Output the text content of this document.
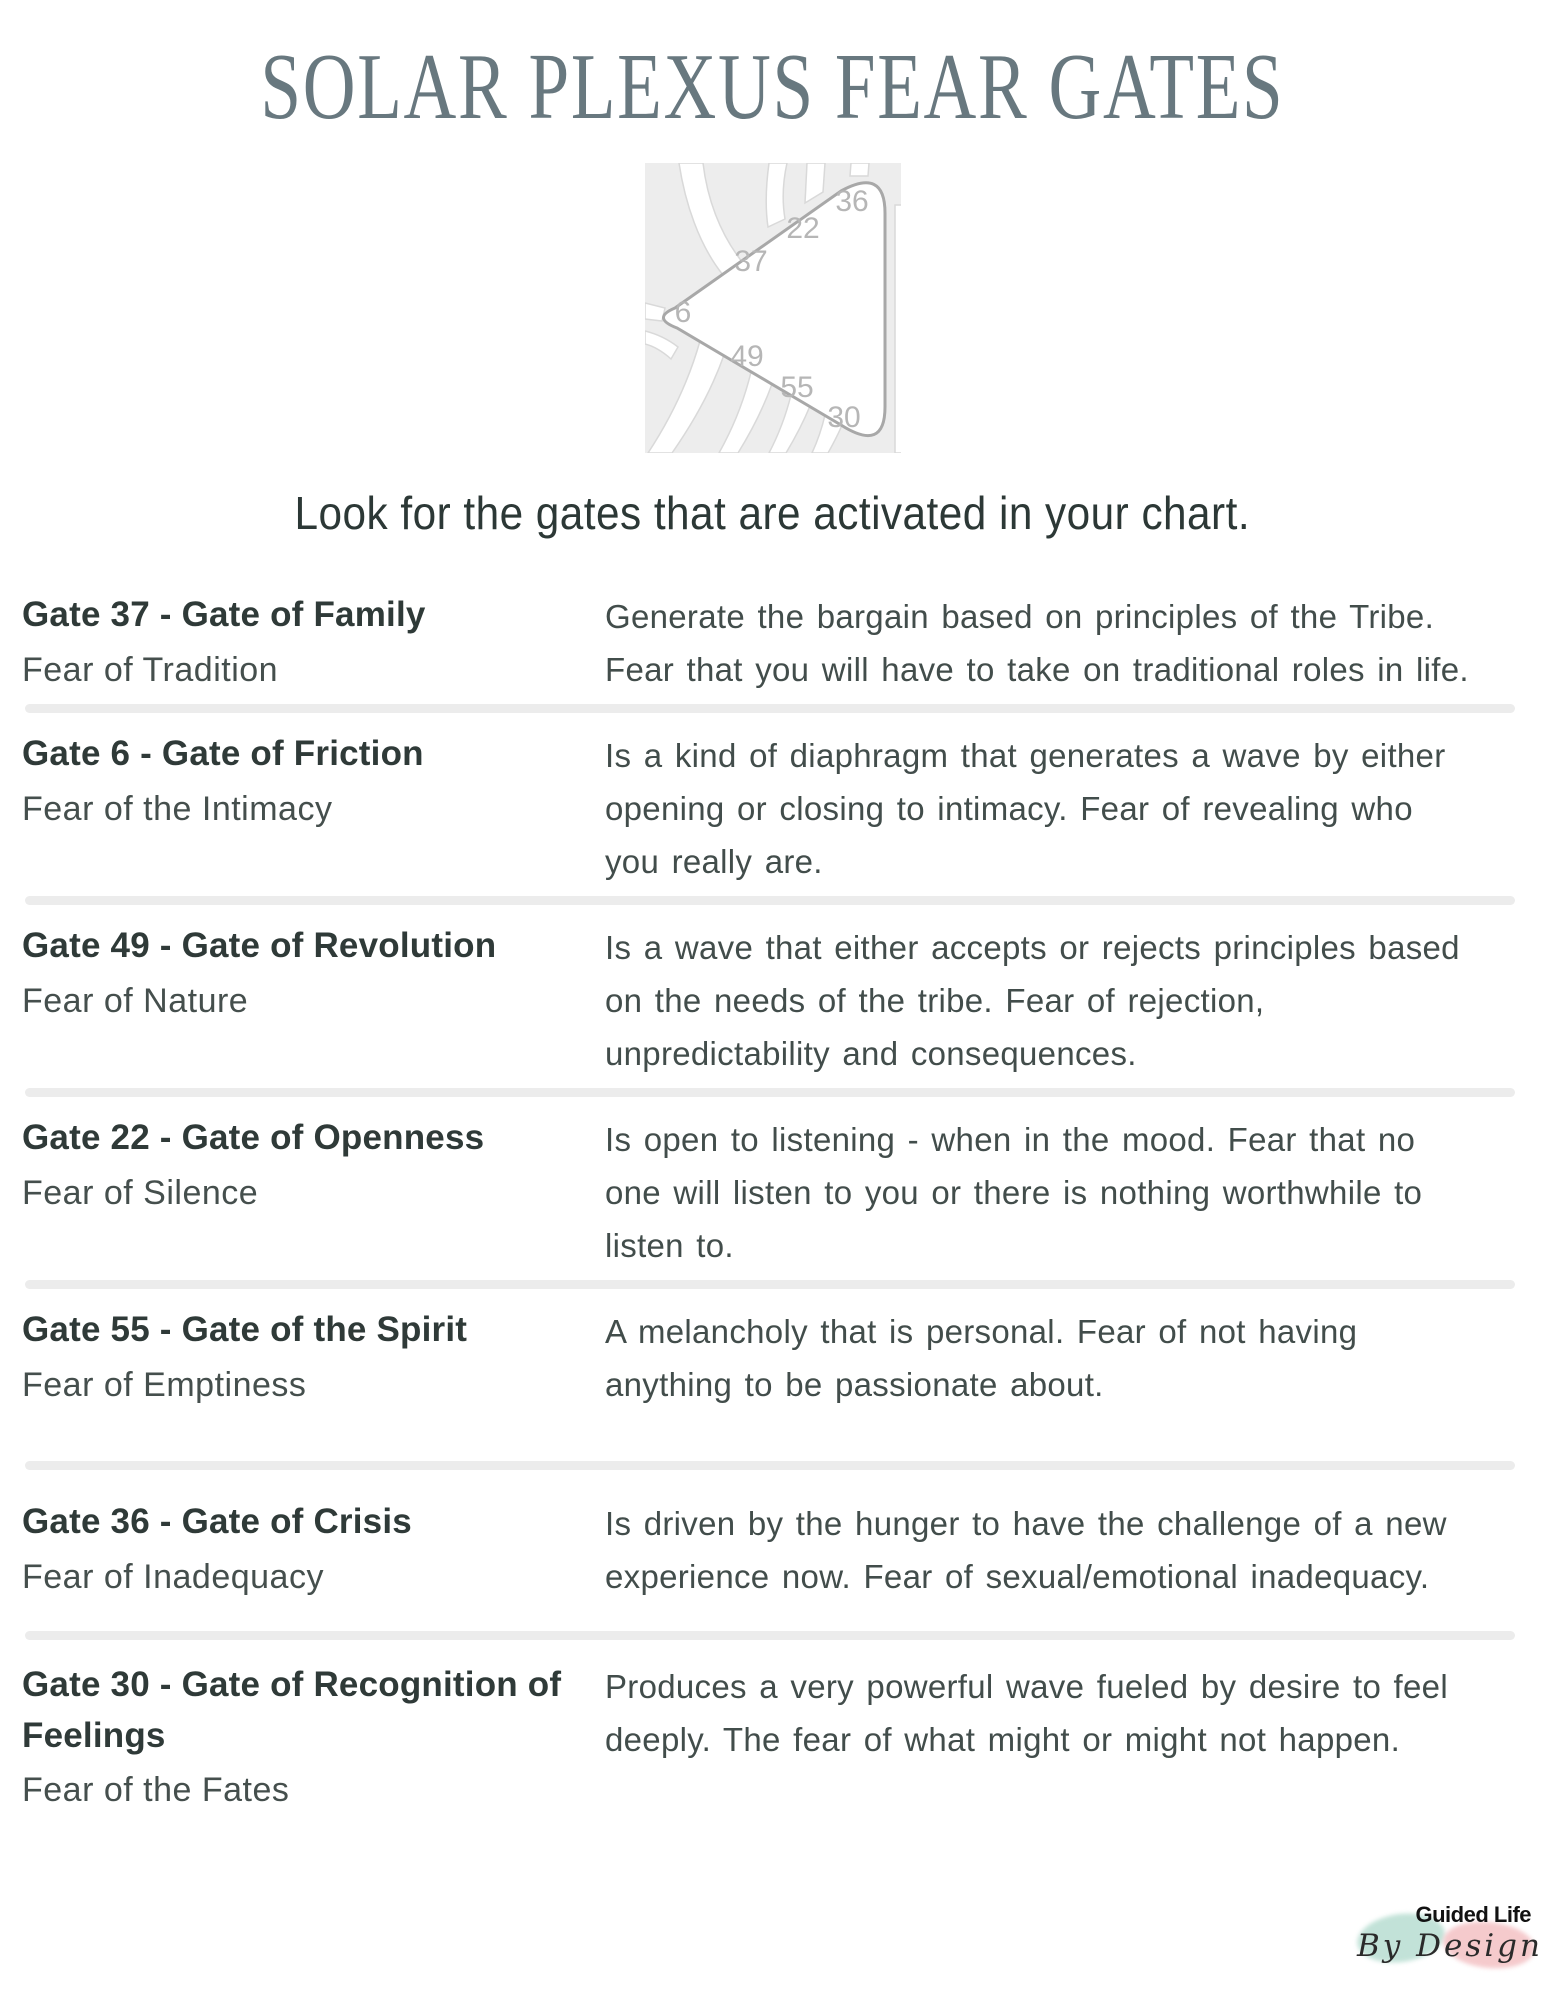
SOLAR PLEXUS FEAR GATES
36
22
37
6
49
55
30
Look for the gates that are activated in your chart.
Gate 37 - Gate of Family

Fear of Tradition

Generate the bargain based on principles of the Tribe. Fear that you will have to take on traditional roles in life.

Gate 6 - Gate of Friction

Fear of the Intimacy

Is a kind of diaphragm that generates a wave by either opening or closing to intimacy. Fear of revealing who you really are.

Gate 49 - Gate of Revolution

Fear of Nature

Is a wave that either accepts or rejects principles based on the needs of the tribe. Fear of rejection, unpredictability and consequences.

Gate 22 - Gate of Openness

Fear of Silence

Is open to listening - when in the mood. Fear that no one will listen to you or there is nothing worthwhile to listen to.

Gate 55 - Gate of the Spirit

Fear of Emptiness

A melancholy that is personal. Fear of not having anything to be passionate about.

Gate 36 - Gate of Crisis

Fear of Inadequacy

Is driven by the hunger to have the challenge of a new experience now. Fear of sexual/emotional inadequacy.

Gate 30 - Gate of Recognition of Feelings

Fear of the Fates

Produces a very powerful wave fueled by desire to feel deeply. The fear of what might or might not happen.

Guided Life
By Design
